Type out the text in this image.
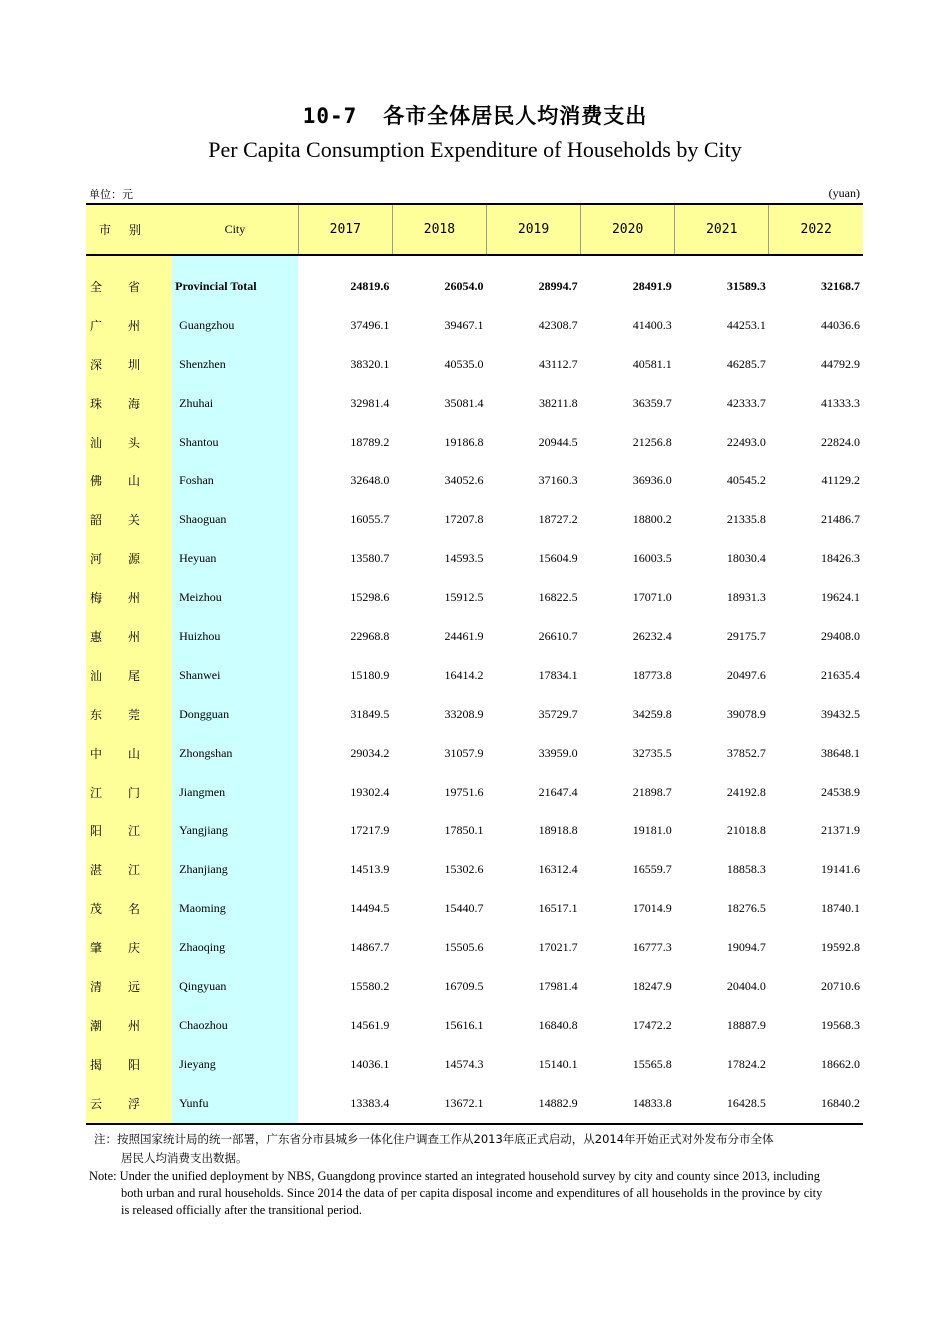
10-7 各市全体居民人均消费支出
Per Capita Consumption Expenditure of Households by City
单位：元	(yuan)
市别	City	2017	2018	2019	2020	2021	2022

全 省	Provincial Total	24819.6	26054.0	28994.7	28491.9	31589.3	32168.7
广 州	Guangzhou	37496.1	39467.1	42308.7	41400.3	44253.1	44036.6
深 圳	Shenzhen	38320.1	40535.0	43112.7	40581.1	46285.7	44792.9
珠 海	Zhuhai	32981.4	35081.4	38211.8	36359.7	42333.7	41333.3
汕 头	Shantou	18789.2	19186.8	20944.5	21256.8	22493.0	22824.0
佛 山	Foshan	32648.0	34052.6	37160.3	36936.0	40545.2	41129.2
韶 关	Shaoguan	16055.7	17207.8	18727.2	18800.2	21335.8	21486.7
河 源	Heyuan	13580.7	14593.5	15604.9	16003.5	18030.4	18426.3
梅 州	Meizhou	15298.6	15912.5	16822.5	17071.0	18931.3	19624.1
惠 州	Huizhou	22968.8	24461.9	26610.7	26232.4	29175.7	29408.0
汕 尾	Shanwei	15180.9	16414.2	17834.1	18773.8	20497.6	21635.4
东 莞	Dongguan	31849.5	33208.9	35729.7	34259.8	39078.9	39432.5
中 山	Zhongshan	29034.2	31057.9	33959.0	32735.5	37852.7	38648.1
江 门	Jiangmen	19302.4	19751.6	21647.4	21898.7	24192.8	24538.9
阳 江	Yangjiang	17217.9	17850.1	18918.8	19181.0	21018.8	21371.9
湛 江	Zhanjiang	14513.9	15302.6	16312.4	16559.7	18858.3	19141.6
茂 名	Maoming	14494.5	15440.7	16517.1	17014.9	18276.5	18740.1
肇 庆	Zhaoqing	14867.7	15505.6	17021.7	16777.3	19094.7	19592.8
清 远	Qingyuan	15580.2	16709.5	17981.4	18247.9	20404.0	20710.6
潮 州	Chaozhou	14561.9	15616.1	16840.8	17472.2	18887.9	19568.3
揭 阳	Jieyang	14036.1	14574.3	15140.1	15565.8	17824.2	18662.0
云 浮	Yunfu	13383.4	13672.1	14882.9	14833.8	16428.5	16840.2
注：按照国家统计局的统一部署，广东省分市县城乡一体化住户调查工作从2013年底正式启动，从2014年开始正式对外发布分市全体
居民人均消费支出数据。
Note: Under the unified deployment by NBS, Guangdong province started an integrated household survey by city and county since 2013, including
both urban and rural households. Since 2014 the data of per capita disposal income and expenditures of all households in the province by city
is released officially after the transitional period.
